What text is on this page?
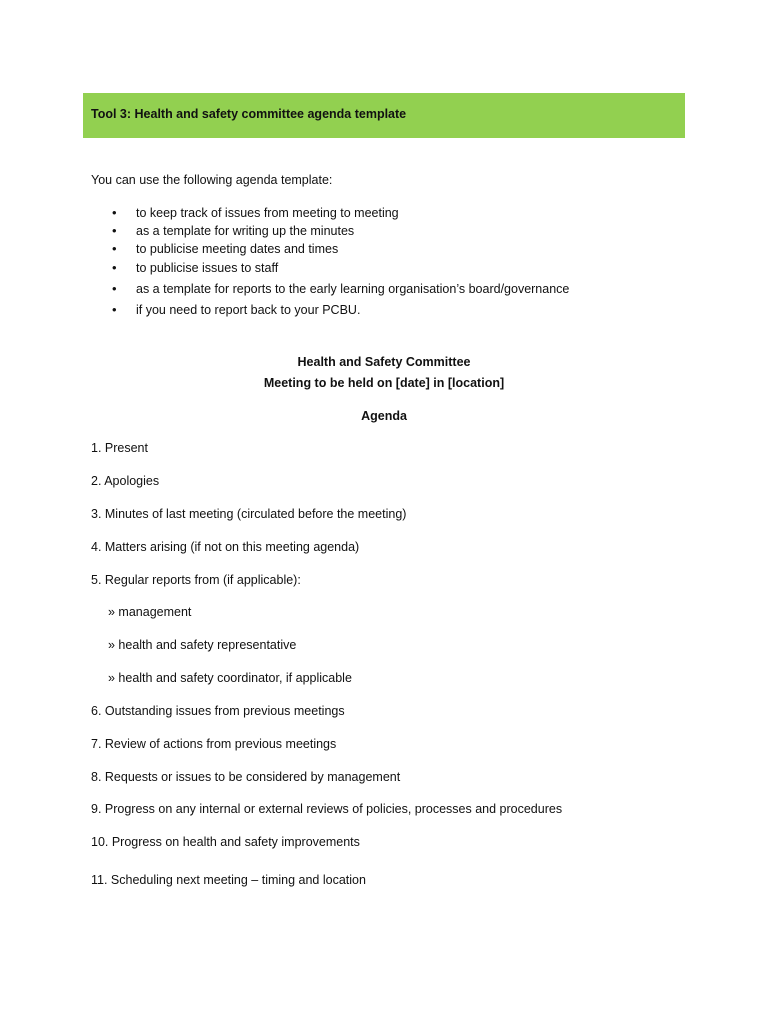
Tool 3: Health and safety committee agenda template
You can use the following agenda template:
• to keep track of issues from meeting to meeting
• as a template for writing up the minutes
• to publicise meeting dates and times
• to publicise issues to staff
• as a template for reports to the early learning organisation’s board/governance
• if you need to report back to your PCBU.
Health and Safety Committee
Meeting to be held on [date] in [location]
Agenda
1. Present
2. Apologies
3. Minutes of last meeting (circulated before the meeting)
4. Matters arising (if not on this meeting agenda)
5. Regular reports from (if applicable):
» management
» health and safety representative
» health and safety coordinator, if applicable
6. Outstanding issues from previous meetings
7. Review of actions from previous meetings
8. Requests or issues to be considered by management
9. Progress on any internal or external reviews of policies, processes and procedures
10. Progress on health and safety improvements
11. Scheduling next meeting – timing and location
